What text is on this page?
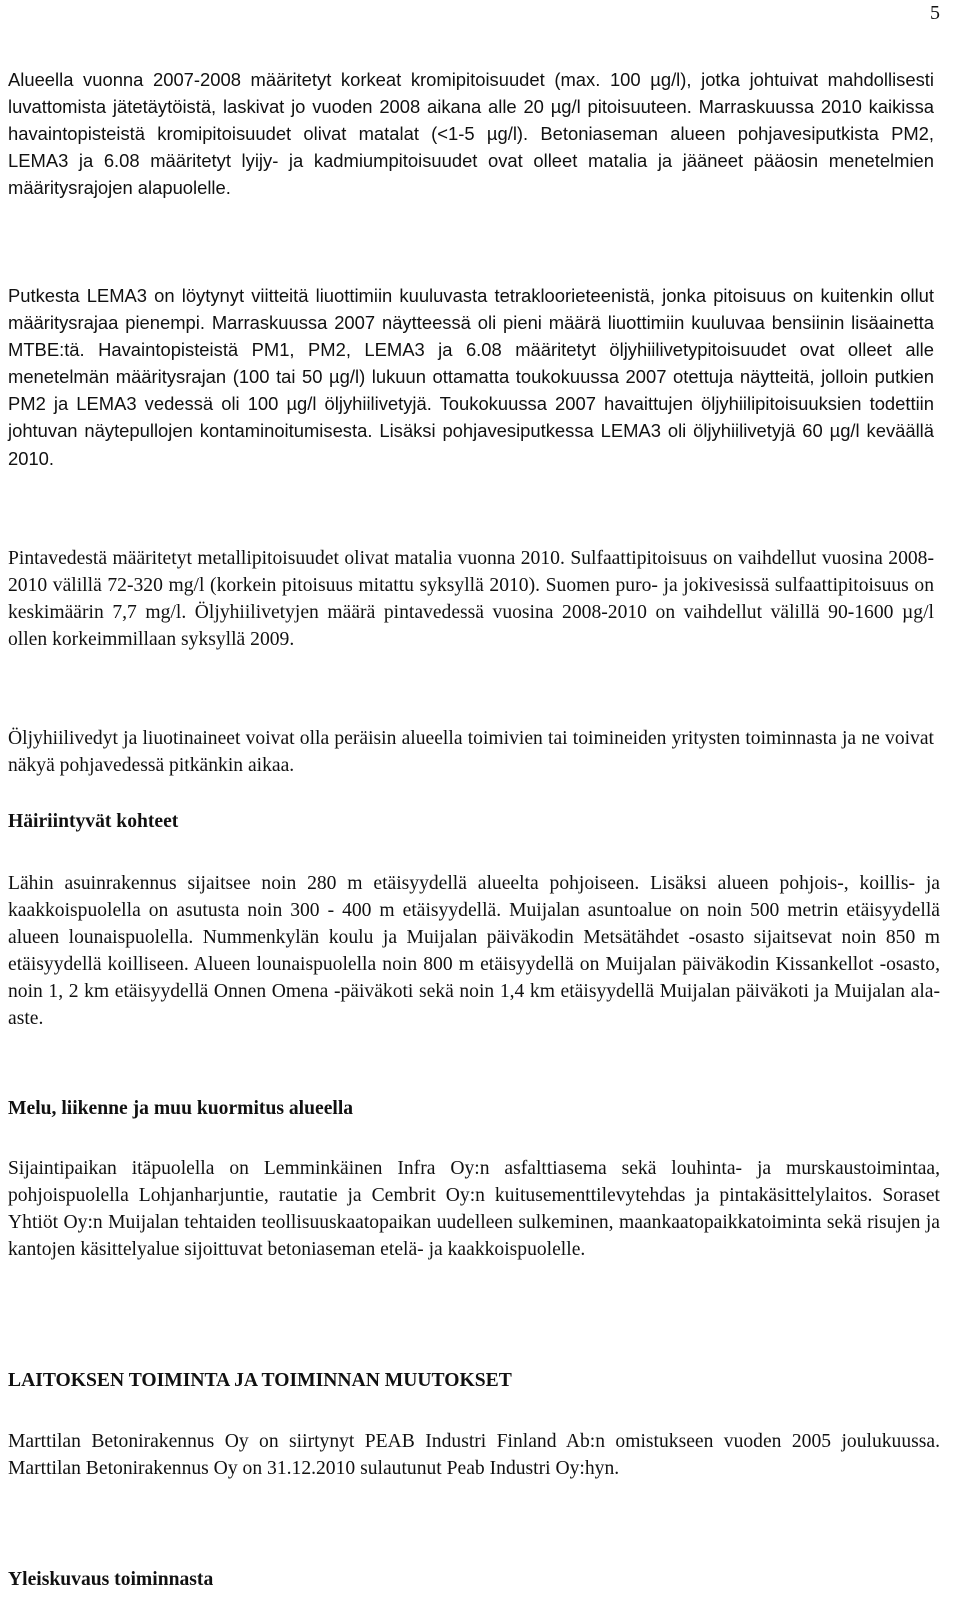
5

Alueella vuonna 2007-2008 määritetyt korkeat kromipitoisuudet (max. 100 µg/l), jotka johtuivat mahdollisesti luvattomista jätetäytöistä, laskivat jo vuoden 2008 aikana alle 20 µg/l pitoisuuteen. Marraskuussa 2010 kaikissa havaintopisteistä kromipitoisuudet olivat matalat (<1-5 µg/l). Betoniaseman alueen pohjavesiputkista PM2, LEMA3 ja 6.08 määritetyt lyijy- ja kadmiumpitoisuudet ovat olleet matalia ja jääneet pääosin menetelmien määritysrajojen alapuolelle.

Putkesta LEMA3 on löytynyt viitteitä liuottimiin kuuluvasta tetrakloorieteenistä, jonka pitoisuus on kuitenkin ollut määritysrajaa pienempi. Marraskuussa 2007 näytteessä oli pieni määrä liuottimiin kuuluvaa bensiinin lisäainetta MTBE:tä. Havaintopisteistä PM1, PM2, LEMA3 ja 6.08 määritetyt öljyhiilivetypitoisuudet ovat olleet alle menetelmän määritysrajan (100 tai 50 µg/l) lukuun ottamatta toukokuussa 2007 otettuja näytteitä, jolloin putkien PM2 ja LEMA3 vedessä oli 100 µg/l öljyhiilivetyjä. Toukokuussa 2007 havaittujen öljyhiilipitoisuuksien todettiin johtuvan näytepullojen kontaminoitumisesta. Lisäksi pohjavesiputkessa LEMA3 oli öljyhiilivetyjä 60 µg/l keväällä 2010.

Pintavedestä määritetyt metallipitoisuudet olivat matalia vuonna 2010. Sulfaattipitoisuus on vaihdellut vuosina 2008-2010 välillä 72-320 mg/l (korkein pitoisuus mitattu syksyllä 2010). Suomen puro- ja jokivesissä sulfaattipitoisuus on keskimäärin 7,7 mg/l. Öljyhiilivetyjen määrä pintavedessä vuosina 2008-2010 on vaihdellut välillä 90-1600 µg/l ollen korkeimmillaan syksyllä 2009.

Öljyhiilivedyt ja liuotinaineet voivat olla peräisin alueella toimivien tai toimineiden yritysten toiminnasta ja ne voivat näkyä pohjavedessä pitkänkin aikaa.

Häiriintyvät kohteet

Lähin asuinrakennus sijaitsee noin 280 m etäisyydellä alueelta pohjoiseen. Lisäksi alueen pohjois-, koillis- ja kaakkoispuolella on asutusta noin 300 - 400 m etäisyydellä. Muijalan asuntoalue on noin 500 metrin etäisyydellä alueen lounaispuolella. Nummenkylän koulu ja Muijalan päiväkodin Metsätähdet -osasto sijaitsevat noin 850 m etäisyydellä koilliseen. Alueen lounaispuolella noin 800 m etäisyydellä on Muijalan päiväkodin Kissankellot -osasto, noin 1, 2 km etäisyydellä Onnen Omena -päiväkoti sekä noin 1,4 km etäisyydellä Muijalan päiväkoti ja Muijalan ala-aste.

Melu, liikenne ja muu kuormitus alueella

Sijaintipaikan itäpuolella on Lemminkäinen Infra Oy:n asfalttiasema sekä louhinta- ja murskaustoimintaa, pohjoispuolella Lohjanharjuntie, rautatie ja Cembrit Oy:n kuitusementtilevytehdas ja pintakäsittelylaitos. Soraset Yhtiöt Oy:n Muijalan tehtaiden teollisuuskaatopaikan uudelleen sulkeminen, maankaatopaikkatoiminta sekä risujen ja kantojen käsittelyalue sijoittuvat betoniaseman etelä- ja kaakkoispuolelle.

LAITOKSEN TOIMINTA JA TOIMINNAN MUUTOKSET

Marttilan Betonirakennus Oy on siirtynyt PEAB Industri Finland Ab:n omistukseen vuoden 2005 joulukuussa. Marttilan Betonirakennus Oy on 31.12.2010 sulautunut Peab Industri Oy:hyn.

Yleiskuvaus toiminnasta
